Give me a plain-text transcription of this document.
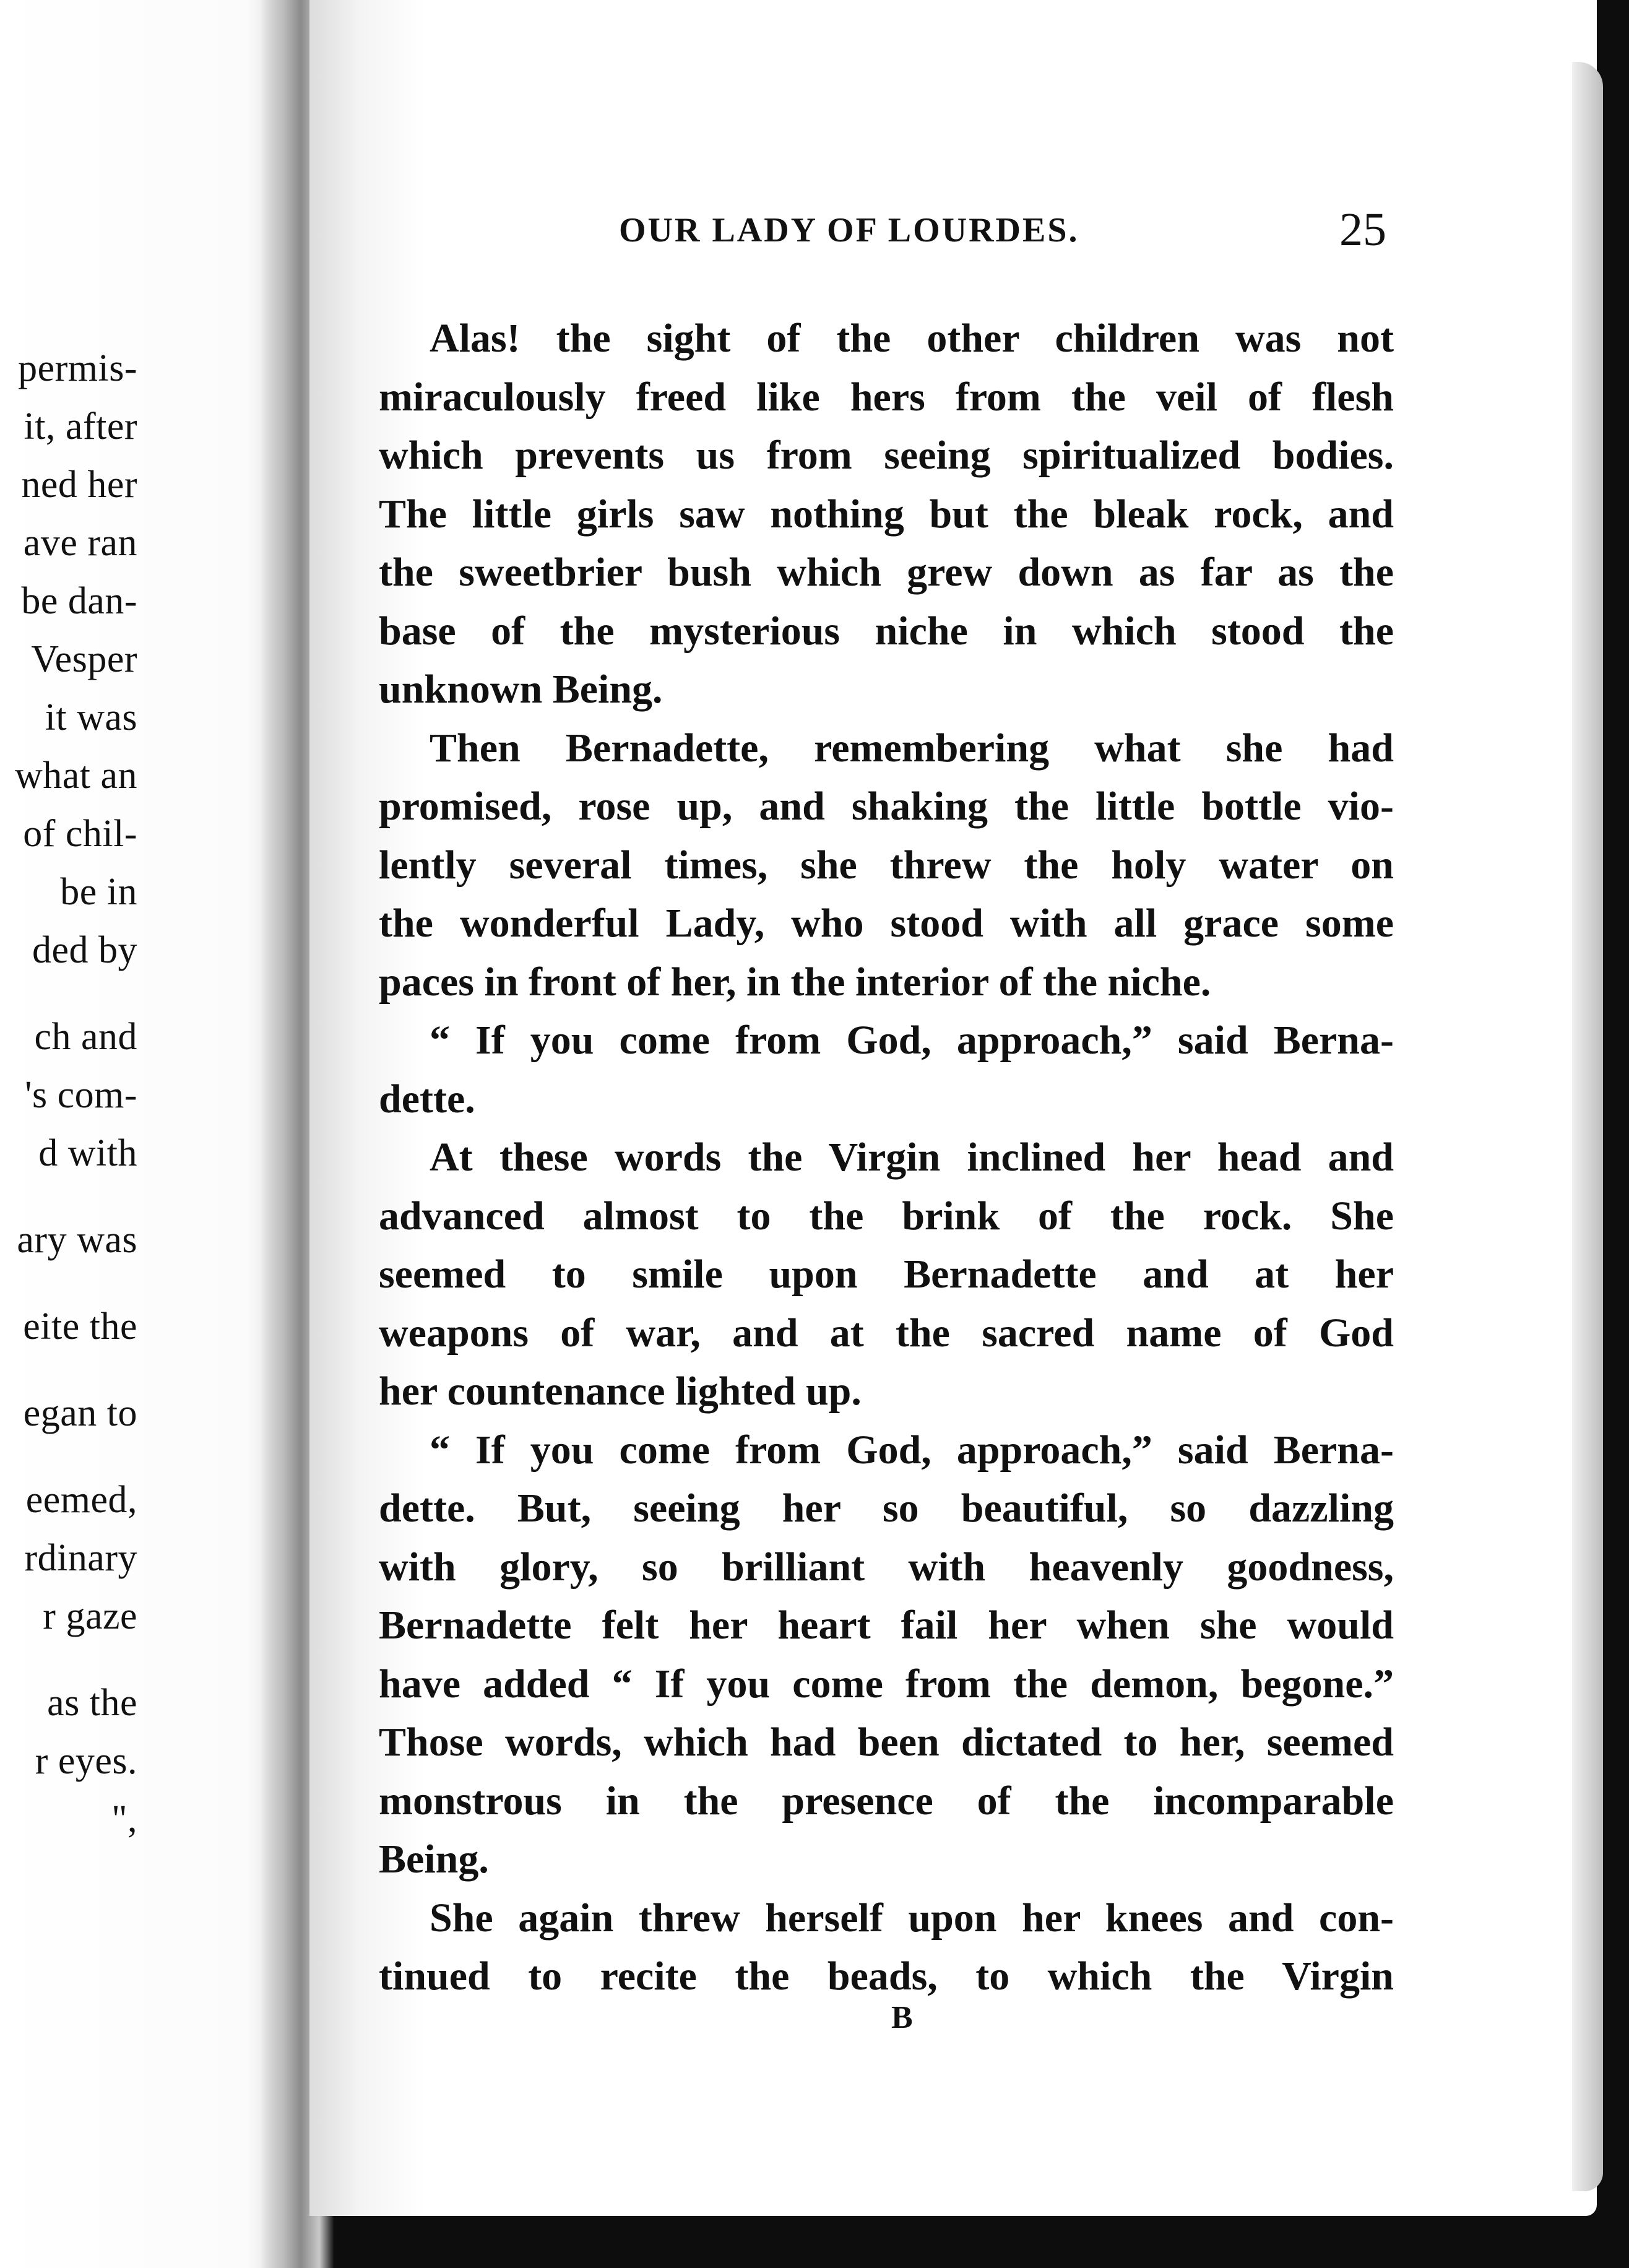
permis-
it, after
ned her
ave ran
be dan-
Vesper
it was
what an
of chil-
be in
ded by
ch and
's com-
d with
ary was
eite the
egan to
eemed,
rdinary
r gaze
as the
r eyes.
",
OUR LADY OF LOURDES.	25
Alas! the sight of the other children was not
miraculously freed like hers from the veil of flesh
which prevents us from seeing spiritualized bodies.
The little girls saw nothing but the bleak rock, and
the sweetbrier bush which grew down as far as the
base of the mysterious niche in which stood the
unknown Being.
Then Bernadette, remembering what she had
promised, rose up, and shaking the little bottle vio-
lently several times, she threw the holy water on
the wonderful Lady, who stood with all grace some
paces in front of her, in the interior of the niche.
“ If you come from God, approach,” said Berna-
dette.
At these words the Virgin inclined her head and
advanced almost to the brink of the rock. She
seemed to smile upon Bernadette and at her
weapons of war, and at the sacred name of God
her countenance lighted up.
“ If you come from God, approach,” said Berna-
dette. But, seeing her so beautiful, so dazzling
with glory, so brilliant with heavenly goodness,
Bernadette felt her heart fail her when she would
have added “ If you come from the demon, begone.”
Those words, which had been dictated to her, seemed
monstrous in the presence of the incomparable
Being.
She again threw herself upon her knees and con-
tinued to recite the beads, to which the Virgin
B
